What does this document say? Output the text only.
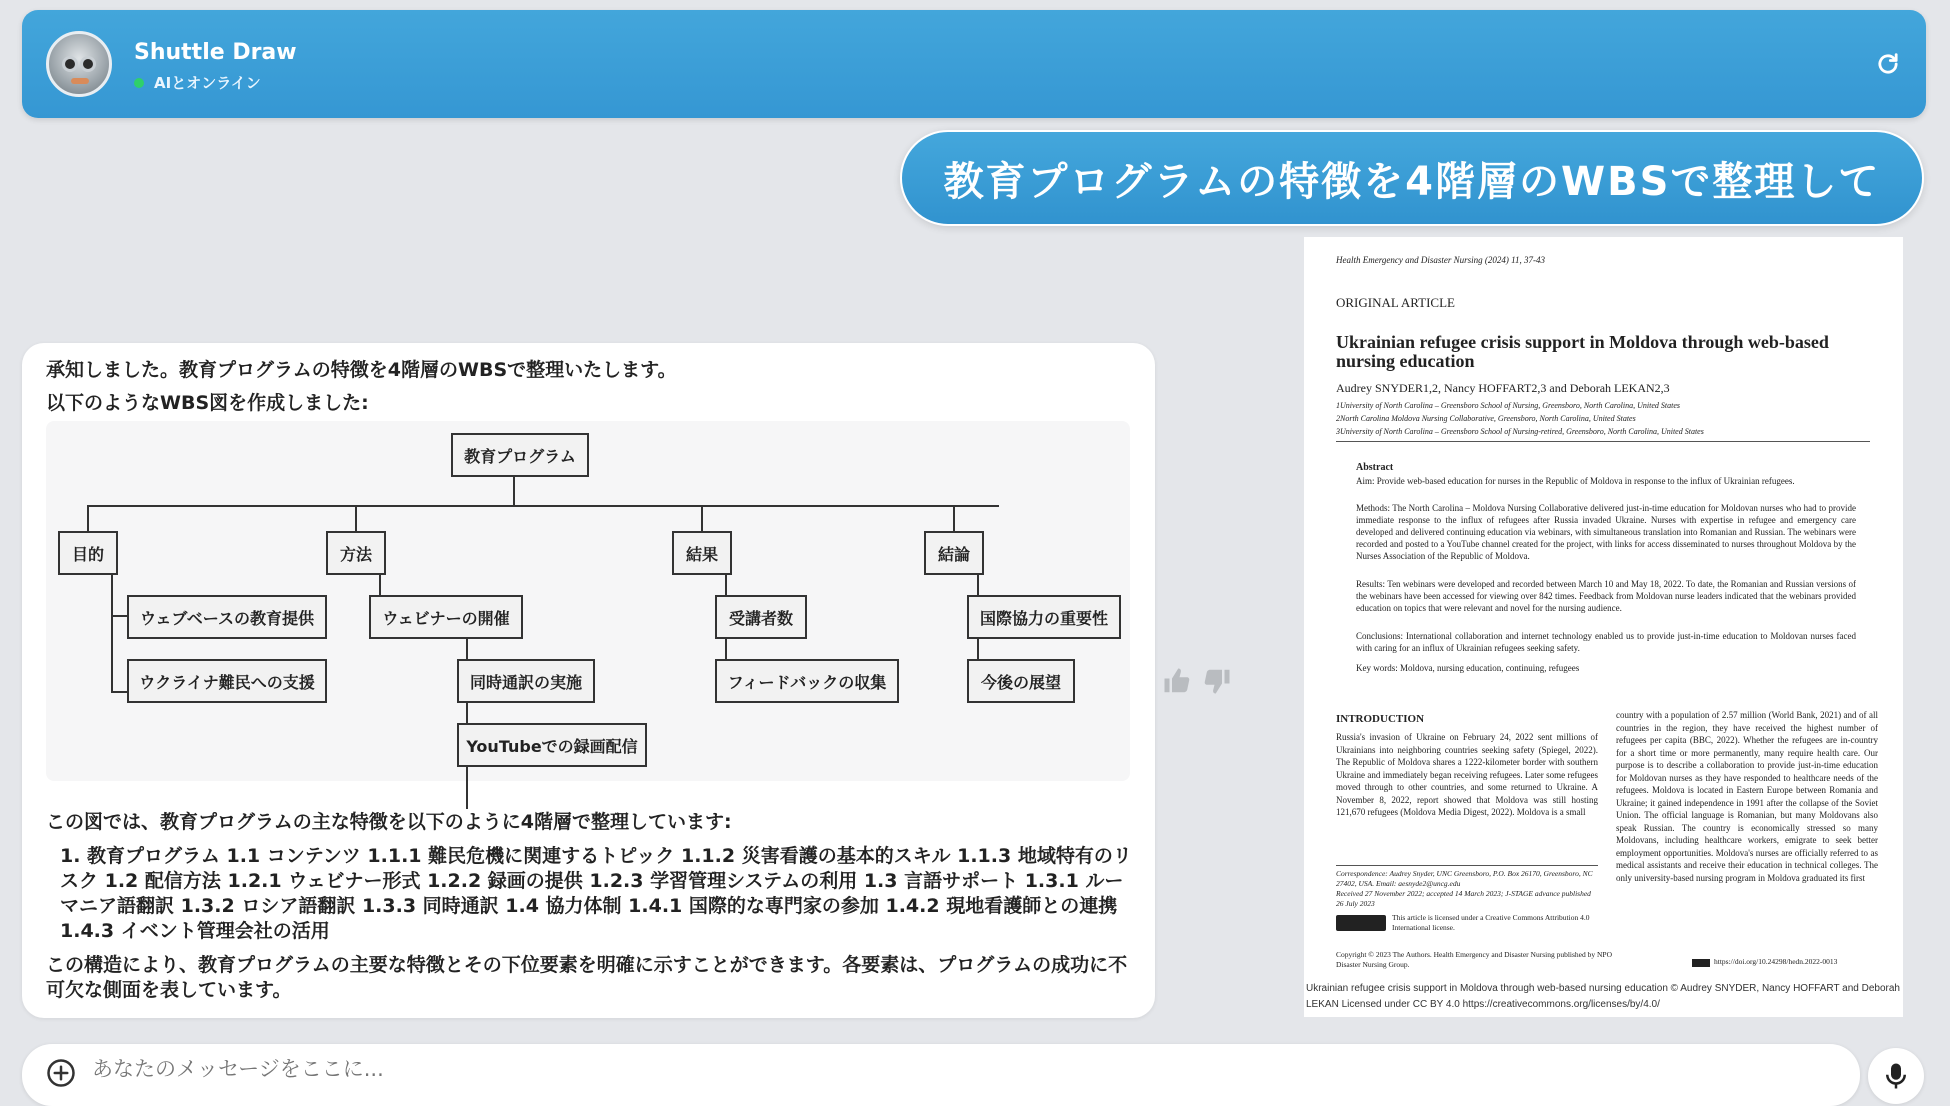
Shuttle Draw
AIとオンライン
教育プログラムの特徴を4階層のWBSで整理して
承知しました。教育プログラムの特徴を4階層のWBSで整理いたします。
以下のようなWBS図を作成しました:
教育プログラム
目的	方法	結果	結論
ウェブベースの教育提供
ウクライナ難民への支援
ウェビナーの開催
同時通訳の実施
YouTubeでの録画配信
受講者数
フィードバックの収集
国際協力の重要性
今後の展望
この図では、教育プログラムの主な特徴を以下のように4階層で整理しています:
1. 教育プログラム 1.1 コンテンツ 1.1.1 難民危機に関連するトピック 1.1.2 災害看護の基本的スキル 1.1.3 地域特有のリスク 1.2 配信方法 1.2.1 ウェビナー形式 1.2.2 録画の提供 1.2.3 学習管理システムの利用 1.3 言語サポート 1.3.1 ルーマニア語翻訳 1.3.2 ロシア語翻訳 1.3.3 同時通訳 1.4 協力体制 1.4.1 国際的な専門家の参加 1.4.2 現地看護師との連携 1.4.3 イベント管理会社の活用
この構造により、教育プログラムの主要な特徴とその下位要素を明確に示すことができます。各要素は、プログラムの成功に不可欠な側面を表しています。
Health Emergency and Disaster Nursing (2024) 11, 37-43
ORIGINAL ARTICLE
Ukrainian refugee crisis support in Moldova through web-based nursing education
Audrey SNYDER1,2, Nancy HOFFART2,3 and Deborah LEKAN2,3
1University of North Carolina – Greensboro School of Nursing, Greensboro, North Carolina, United States
2North Carolina Moldova Nursing Collaborative, Greensboro, North Carolina, United States
3University of North Carolina – Greensboro School of Nursing-retired, Greensboro, North Carolina, United States
Abstract
Aim: Provide web-based education for nurses in the Republic of Moldova in response to the influx of Ukrainian refugees.
Methods: The North Carolina – Moldova Nursing Collaborative delivered just-in-time education for Moldovan nurses who had to provide immediate response to the influx of refugees after Russia invaded Ukraine. Nurses with expertise in refugee and emergency care developed and delivered continuing education via webinars, with simultaneous translation into Romanian and Russian. The webinars were recorded and posted to a YouTube channel created for the project, with links for access disseminated to nurses throughout Moldova by the Nurses Association of the Republic of Moldova.
Results: Ten webinars were developed and recorded between March 10 and May 18, 2022. To date, the Romanian and Russian versions of the webinars have been accessed for viewing over 842 times. Feedback from Moldovan nurse leaders indicated that the webinars provided education on topics that were relevant and novel for the nursing audience.
Conclusions: International collaboration and internet technology enabled us to provide just-in-time education to Moldovan nurses faced with caring for an influx of Ukrainian refugees seeking safety.
Key words: Moldova, nursing education, continuing, refugees
INTRODUCTION
Russia's invasion of Ukraine on February 24, 2022 sent millions of Ukrainians into neighboring countries seeking safety (Spiegel, 2022). The Republic of Moldova shares a 1222-kilometer border with southern Ukraine and immediately began receiving refugees. Later some refugees moved through to other countries, and some returned to Ukraine. A November 8, 2022, report showed that Moldova was still hosting 121,670 refugees (Moldova Media Digest, 2022). Moldova is a small
country with a population of 2.57 million (World Bank, 2021) and of all countries in the region, they have received the highest number of refugees per capita (BBC, 2022). Whether the refugees are in-country for a short time or more permanently, many require health care. Our purpose is to describe a collaboration to provide just-in-time education for Moldovan nurses as they have responded to healthcare needs of the refugees. Moldova is located in Eastern Europe between Romania and Ukraine; it gained independence in 1991 after the collapse of the Soviet Union. The official language is Romanian, but many Moldovans also speak Russian. The country is economically stressed so many Moldovans, including healthcare workers, emigrate to seek better employment opportunities. Moldova's nurses are officially referred to as medical assistants and receive their education in technical colleges. The only university-based nursing program in Moldova graduated its first
Correspondence: Audrey Snyder, UNC Greensboro, P.O. Box 26170, Greensboro, NC 27402, USA. Email: aesnyde2@uncg.edu
Received 27 November 2022; accepted 14 March 2023; J-STAGE advance published 26 July 2023
This article is licensed under a Creative Commons Attribution 4.0 International license.
Copyright © 2023 The Authors. Health Emergency and Disaster Nursing published by NPO Disaster Nursing Group.	https://doi.org/10.24298/hedn.2022-0013
Ukrainian refugee crisis support in Moldova through web-based nursing education © Audrey SNYDER, Nancy HOFFART and Deborah LEKAN Licensed under CC BY 4.0 https://creativecommons.org/licenses/by/4.0/
あなたのメッセージをここに...
